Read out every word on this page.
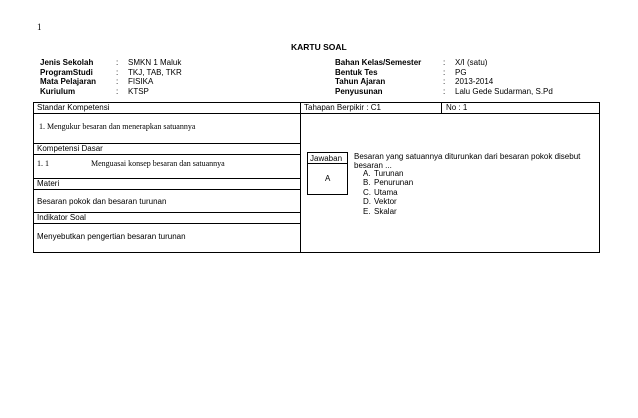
1
KARTU SOAL
Jenis Sekolah	:	SMKN 1 Maluk
ProgramStudi	:	TKJ, TAB, TKR
Mata Pelajaran	:	FISIKA
Kuriulum	:	KTSP
Bahan Kelas/Semester	:	X/I (satu)
Bentuk Tes	:	PG
Tahun Ajaran	:	2013-2014
Penyusunan	:	Lalu Gede Sudarman, S.Pd
Standar Kompetensi
1. Mengukur besaran dan menerapkan satuannya
Kompetensi Dasar
1. 1	Menguasai konsep besaran dan satuannya
Materi
Besaran pokok dan besaran turunan
Indikator Soal
Menyebutkan pengertian besaran turunan
Tahapan Berpikir : C1	No : 1
Jawaban
A
Besaran yang satuannya diturunkan dari besaran pokok disebut
besaran ...
A. Turunan
B. Penurunan
C. Utama
D. Vektor
E. Skalar
